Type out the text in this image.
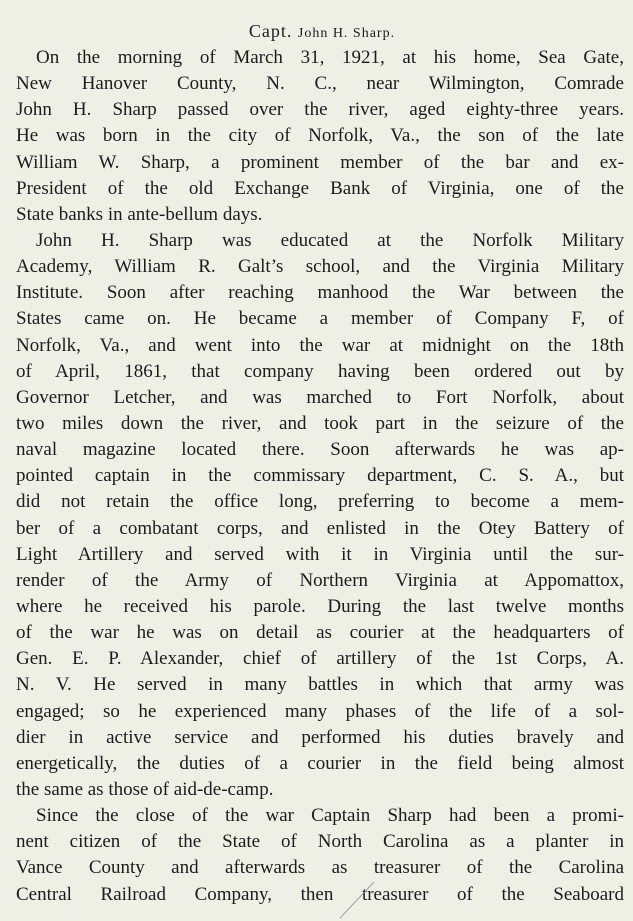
Capt. John H. Sharp.
On the morning of March 31, 1921, at his home, Sea Gate,
New Hanover County, N. C., near Wilmington, Comrade
John H. Sharp passed over the river, aged eighty-three years.
He was born in the city of Norfolk, Va., the son of the late
William W. Sharp, a prominent member of the bar and ex-
President of the old Exchange Bank of Virginia, one of the
State banks in ante-bellum days.
John H. Sharp was educated at the Norfolk Military
Academy, William R. Galt’s school, and the Virginia Military
Institute. Soon after reaching manhood the War between the
States came on. He became a member of Company F, of
Norfolk, Va., and went into the war at midnight on the 18th
of April, 1861, that company having been ordered out by
Governor Letcher, and was marched to Fort Norfolk, about
two miles down the river, and took part in the seizure of the
naval magazine located there. Soon afterwards he was ap-
pointed captain in the commissary department, C. S. A., but
did not retain the office long, preferring to become a mem-
ber of a combatant corps, and enlisted in the Otey Battery of
Light Artillery and served with it in Virginia until the sur-
render of the Army of Northern Virginia at Appomattox,
where he received his parole. During the last twelve months
of the war he was on detail as courier at the headquarters of
Gen. E. P. Alexander, chief of artillery of the 1st Corps, A.
N. V. He served in many battles in which that army was
engaged; so he experienced many phases of the life of a sol-
dier in active service and performed his duties bravely and
energetically, the duties of a courier in the field being almost
the same as those of aid-de-camp.
Since the close of the war Captain Sharp had been a promi-
nent citizen of the State of North Carolina as a planter in
Vance County and afterwards as treasurer of the Carolina
Central Railroad Company, then treasurer of the Seaboard
